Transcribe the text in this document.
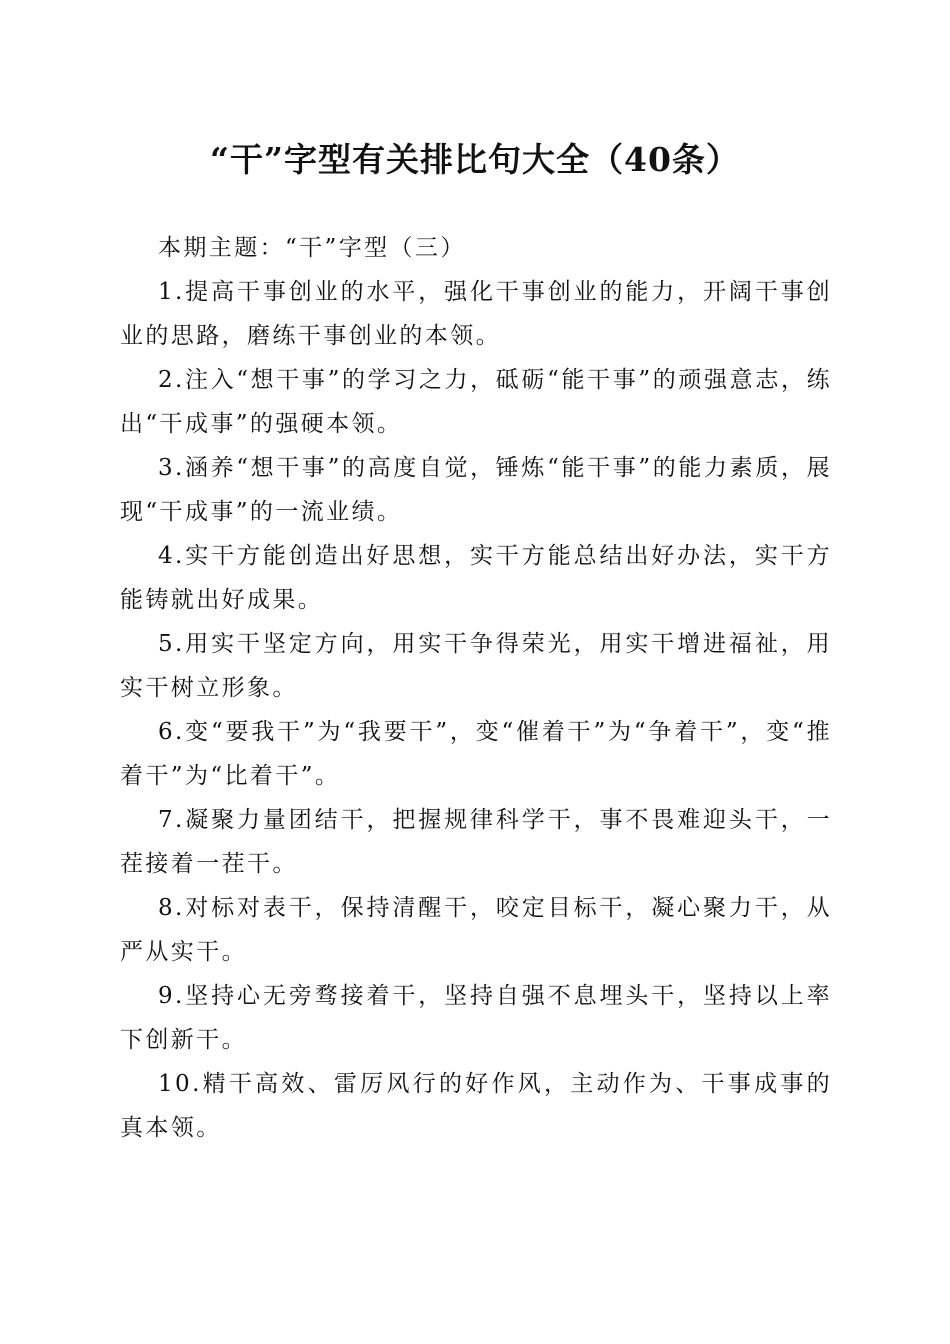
“干”字型有关排比句大全（40条）

本期主题：“干”字型（三）

1.提高干事创业的水平，强化干事创业的能力，开阔干事创业的思路，磨练干事创业的本领。

2.注入“想干事”的学习之力，砥砺“能干事”的顽强意志，练出“干成事”的强硬本领。

3.涵养“想干事”的高度自觉，锤炼“能干事”的能力素质，展现“干成事”的一流业绩。

4.实干方能创造出好思想，实干方能总结出好办法，实干方能铸就出好成果。

5.用实干坚定方向，用实干争得荣光，用实干增进福祉，用实干树立形象。

6.变“要我干”为“我要干”，变“催着干”为“争着干”，变“推着干”为“比着干”。

7.凝聚力量团结干，把握规律科学干，事不畏难迎头干，一茬接着一茬干。

8.对标对表干，保持清醒干，咬定目标干，凝心聚力干，从严从实干。

9.坚持心无旁骛接着干，坚持自强不息埋头干，坚持以上率下创新干。

10.精干高效、雷厉风行的好作风，主动作为、干事成事的真本领。
